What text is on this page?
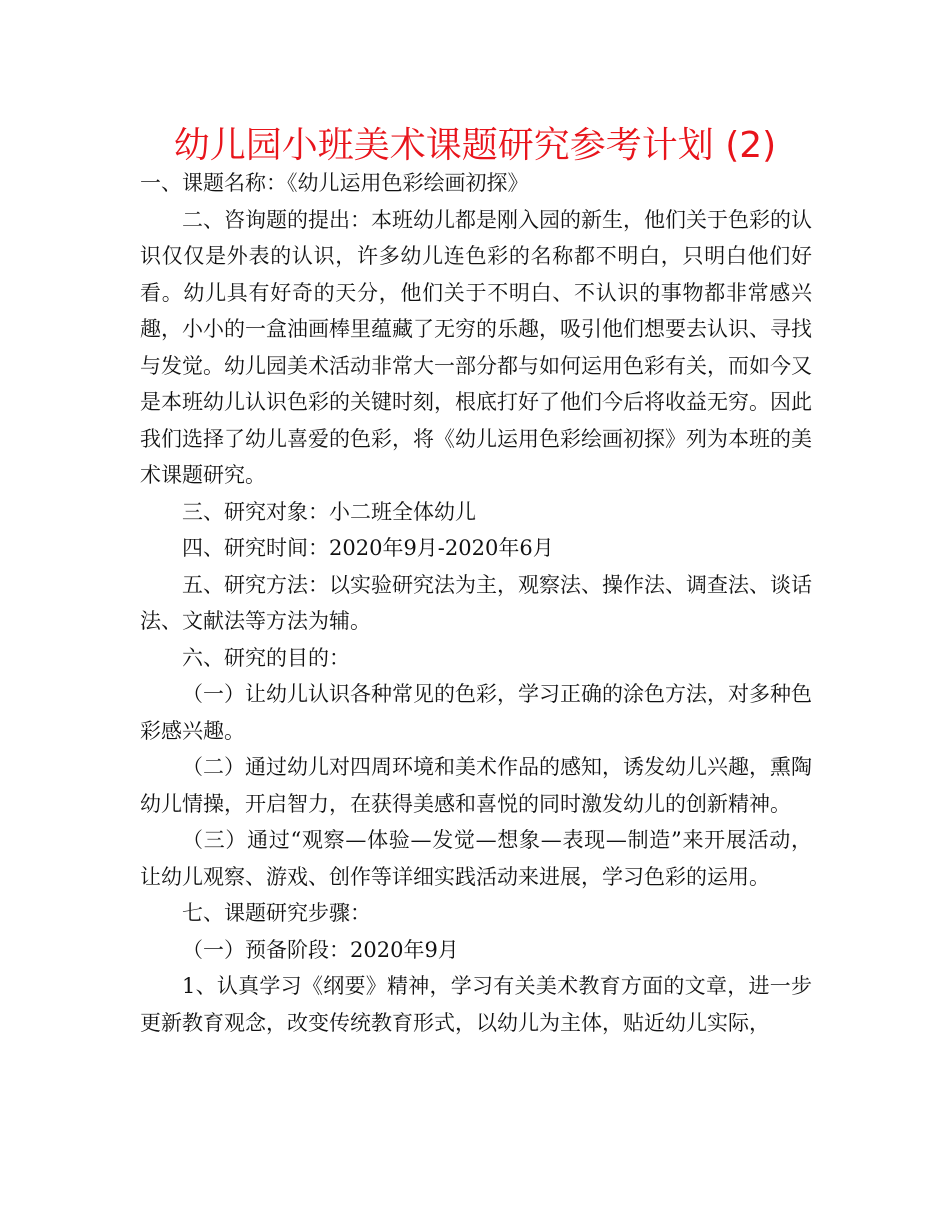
幼儿园小班美术课题研究参考计划 (2)

一、课题名称：《幼儿运用色彩绘画初探》

二、咨询题的提出：本班幼儿都是刚入园的新生，他们关于色彩的认识仅仅是外表的认识，许多幼儿连色彩的名称都不明白，只明白他们好看。幼儿具有好奇的天分，他们关于不明白、不认识的事物都非常感兴趣，小小的一盒油画棒里蕴藏了无穷的乐趣，吸引他们想要去认识、寻找与发觉。幼儿园美术活动非常大一部分都与如何运用色彩有关，而如今又是本班幼儿认识色彩的关键时刻，根底打好了他们今后将收益无穷。因此我们选择了幼儿喜爱的色彩，将《幼儿运用色彩绘画初探》列为本班的美术课题研究。

三、研究对象：小二班全体幼儿

四、研究时间：2020年9月-2020年6月

五、研究方法：以实验研究法为主，观察法、操作法、调查法、谈话法、文献法等方法为辅。

六、研究的目的：

（一）让幼儿认识各种常见的色彩，学习正确的涂色方法，对多种色彩感兴趣。

（二）通过幼儿对四周环境和美术作品的感知，诱发幼儿兴趣，熏陶幼儿情操，开启智力，在获得美感和喜悦的同时激发幼儿的创新精神。

（三）通过“观察—体验—发觉—想象—表现—制造”来开展活动，让幼儿观察、游戏、创作等详细实践活动来进展，学习色彩的运用。

七、课题研究步骤：

（一）预备阶段：2020年9月

1、认真学习《纲要》精神，学习有关美术教育方面的文章，进一步更新教育观念，改变传统教育形式，以幼儿为主体，贴近幼儿实际，
